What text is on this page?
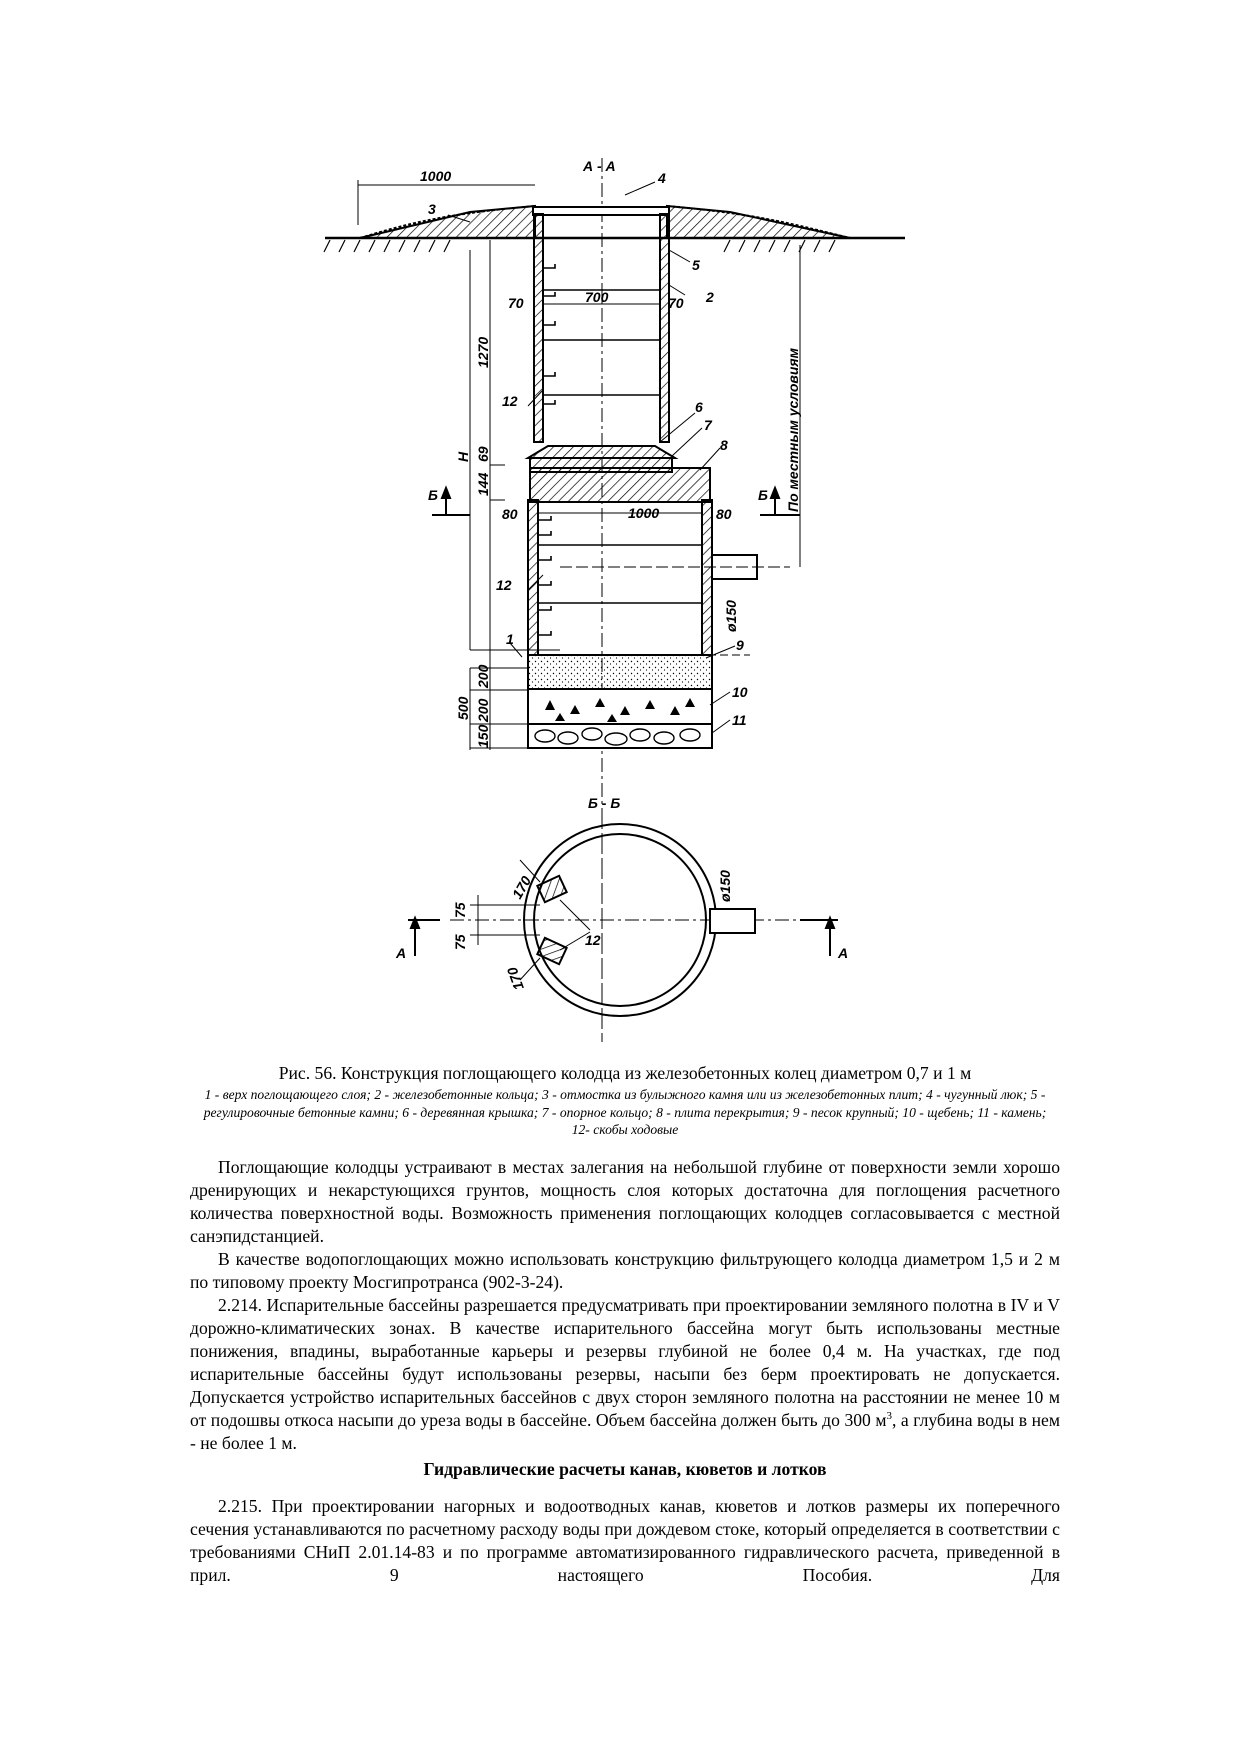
А - А
Б	Б
1000
700
70	70
1270
Н
144
69
80	80
1000
ø150
500
200
200
150
По местным условиям
3
4
5
2
12	6
7
8
12
1	9
10
11
Б - Б
А	А
75
75
170
170
12
ø150
Рис. 56. Конструкция поглощающего колодца из железобетонных колец диаметром 0,7 и 1 м
1 - верх поглощающего слоя; 2 - железобетонные кольца; 3 - отмостка из булыжного камня или из железобетонных плит; 4 - чугунный люк; 5 - регулировочные бетонные камни; 6 - деревянная крышка; 7 - опорное кольцо; 8 - плита перекрытия; 9 - песок крупный; 10 - щебень; 11 - камень; 12- скобы ходовые

Поглощающие колодцы устраивают в местах залегания на небольшой глубине от поверхности земли хорошо дренирующих и некарстующихся грунтов, мощность слоя которых достаточна для поглощения расчетного количества поверхностной воды. Возможность применения поглощающих колодцев согласовывается с местной санэпидстанцией.

В качестве водопоглощающих можно использовать конструкцию фильтрующего колодца диаметром 1,5 и 2 м по типовому проекту Мосгипротранса (902-3-24).

2.214. Испарительные бассейны разрешается предусматривать при проектировании земляного полотна в IV и V дорожно-климатических зонах. В качестве испарительного бассейна могут быть использованы местные понижения, впадины, выработанные карьеры и резервы глубиной не более 0,4 м. На участках, где под испарительные бассейны будут использованы резервы, насыпи без берм проектировать не допускается. Допускается устройство испарительных бассейнов с двух сторон земляного полотна на расстоянии не менее 10 м от подошвы откоса насыпи до уреза воды в бассейне. Объем бассейна должен быть до 300 $м^3$, а глубина воды в нем - не более 1 м.

Гидравлические расчеты канав, кюветов и лотков

2.215. При проектировании нагорных и водоотводных канав, кюветов и лотков размеры их поперечного сечения устанавливаются по расчетному расходу воды при дождевом стоке, который определяется в соответствии с требованиями СНиП 2.01.14-83 и по программе автоматизированного гидравлического расчета, приведенной в прил. 9 настоящего Пособия. Для
